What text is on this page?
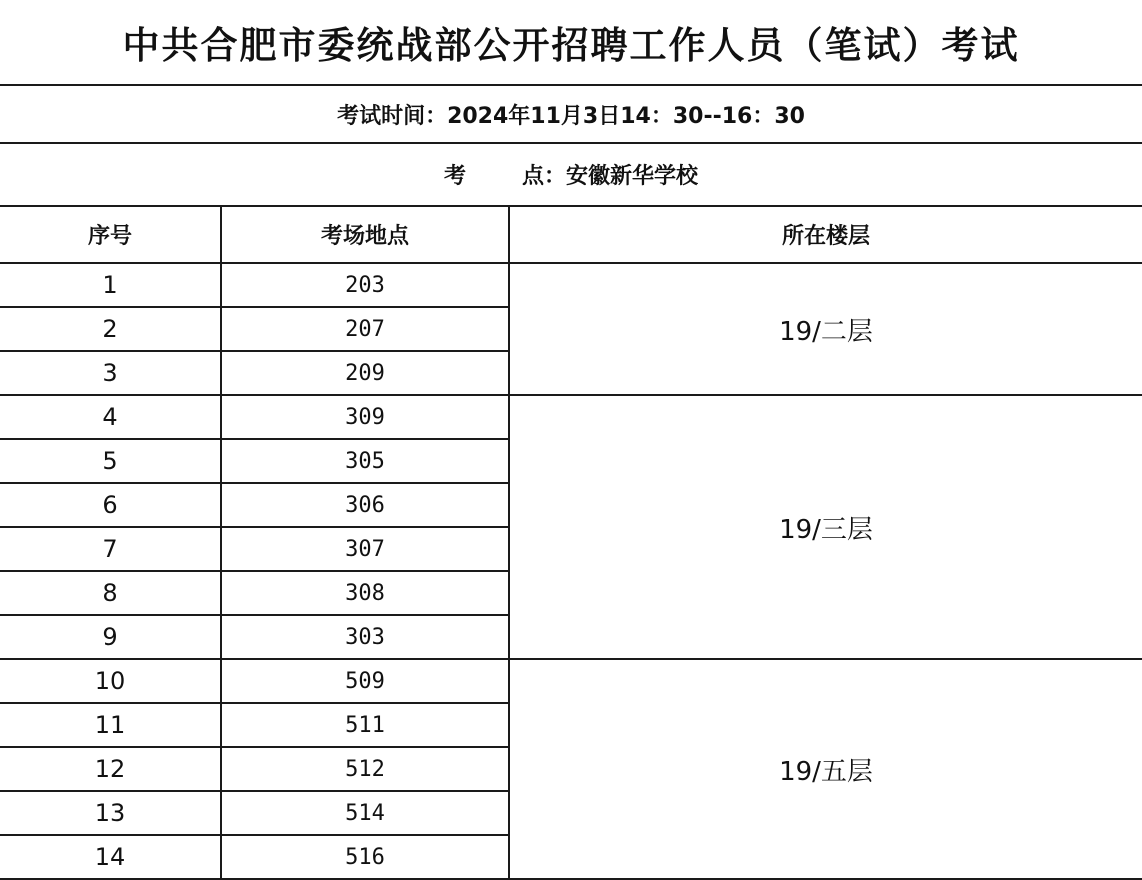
中共合肥市委统战部公开招聘工作人员（笔试）考试
考试时间：2024年11月3日14：30--16：30		
考 点：安徽新华学校		
序号	考场地点	所在楼层
1	203	19/二层
2	207	
3	209	
4	309	19/三层
5	305	
6	306	
7	307	
8	308	
9	303	
10	509	19/五层
11	511	
12	512	
13	514	
14	516	
